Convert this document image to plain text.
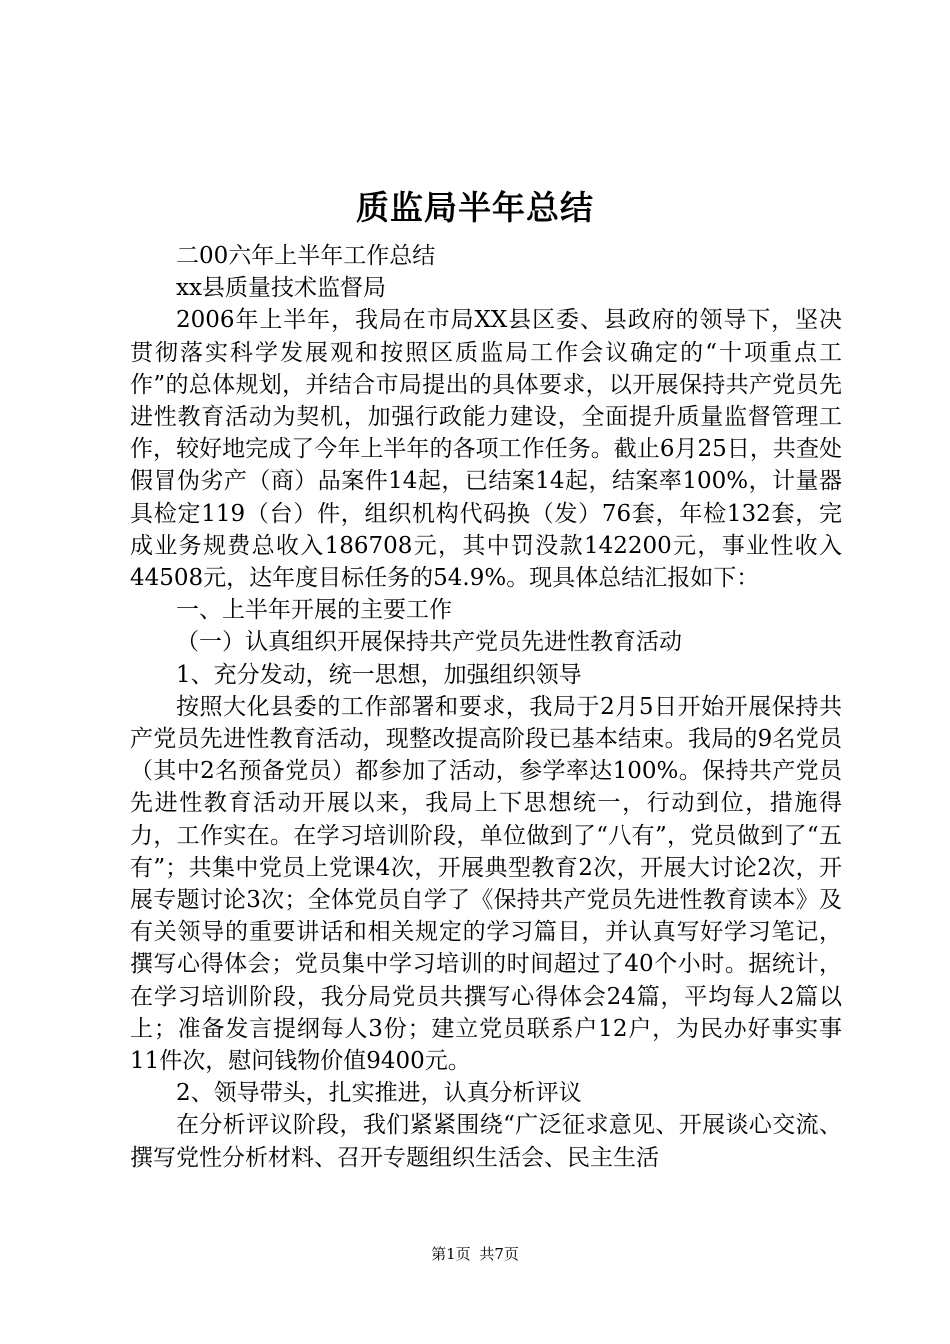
质监局半年总结

二00六年上半年工作总结

xx县质量技术监督局

2006年上半年，我局在市局XX县区委、县政府的领导下，坚决贯彻落实科学发展观和按照区质监局工作会议确定的“十项重点工作”的总体规划，并结合市局提出的具体要求，以开展保持共产党员先进性教育活动为契机，加强行政能力建设，全面提升质量监督管理工作，较好地完成了今年上半年的各项工作任务。截止6月25日，共查处假冒伪劣产（商）品案件14起，已结案14起，结案率100%，计量器具检定119（台）件，组织机构代码换（发）76套，年检132套，完成业务规费总收入186708元，其中罚没款142200元，事业性收入44508元，达年度目标任务的54.9%。现具体总结汇报如下：

一、上半年开展的主要工作

（一）认真组织开展保持共产党员先进性教育活动

1、充分发动，统一思想，加强组织领导

按照大化县委的工作部署和要求，我局于2月5日开始开展保持共产党员先进性教育活动，现整改提高阶段已基本结束。我局的9名党员（其中2名预备党员）都参加了活动，参学率达100%。保持共产党员先进性教育活动开展以来，我局上下思想统一，行动到位，措施得力，工作实在。在学习培训阶段，单位做到了“八有”，党员做到了“五有”；共集中党员上党课4次，开展典型教育2次，开展大讨论2次，开展专题讨论3次；全体党员自学了《保持共产党员先进性教育读本》及有关领导的重要讲话和相关规定的学习篇目，并认真写好学习笔记，撰写心得体会；党员集中学习培训的时间超过了40个小时。据统计，在学习培训阶段，我分局党员共撰写心得体会24篇，平均每人2篇以上；准备发言提纲每人3份；建立党员联系户12户，为民办好事实事11件次，慰问钱物价值9400元。

2、领导带头，扎实推进，认真分析评议

在分析评议阶段，我们紧紧围绕“广泛征求意见、开展谈心交流、撰写党性分析材料、召开专题组织生活会、民主生活

第1页 共7页
